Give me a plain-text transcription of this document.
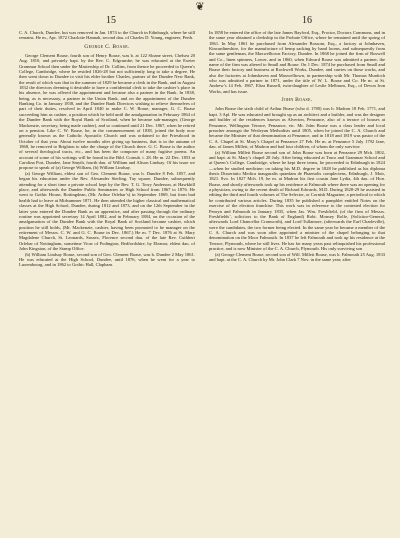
❦
15	16

C. A. Church, Dundee, but was removed in Jan. 1874 to the Church in Edinburgh, where he still remains. He m., Apr. 1872 Charlotte Hannah, second dau. of Charles D. Young, engineer, Perth.

George C. Boase.

George Clement Boase, fourth son of Henry Boase, was b. at 122 Sloane street, Chelsea 20 Aug. 1810, and privately bapt. by the Rev. C. Edgcumbe; he was educated at the Exeter Grammar School then under the Mastership of Dr. Collins, from thence he proceeded to Queen’s College, Cambridge, where he resided 1826-28 but not sufficiently long to take a degree. He then went down to Dundee to visit his elder brother Charles, partner of the Dundee New Bank, the result of which was that in the summer of 1829 he became a clerk in the Bank, and in August 1832 the directors deeming it desirable to have a confidential clerk to take the cashier’s place in his absence, he was offered the appointment and became also a partner in the Bank. In 1838, being, as is necessary, a partner in the Union Bank, and on the appointment of the Dundee Banking Co. in January 1838, and the Dundee Bank Directors wishing to relieve themselves of part of their duties, resolved in April 1840 to make C. W. Boase, manager, G. C. Boase succeeding him as cashier, a position which he held until the amalgamation in February 1864 of the Dundee Bank with the Royal Bank of Scotland, when he became sub-manager, (George Mackenzie, secretary, being made cashier), and so continued until 21 Dec. 1867, when he retired on a pension. Like C. W. Boase, he, in the commencement of 1838, joined the body now generally known as the Catholic Apostolic Church and was ordained to the Priesthood in October of that year. About twelve months after giving up business, that is in the autumn of 1868, he removed to Brighton to take the charge of the Church there. G. C. Boase is the author of several theological tracts, etc., and has been the composer of many fugitive poems. An account of some of his writings will be found in the Bibl. Cornub. i. 28. He m. 22 Dec. 1853 at Carolina Port, Dundee, Jane Smyth, fourth dau. of William and Alison Lindsay. Of his issue we propose to speak of (a) George William, (b) William Lindsay.

(a) George William, eldest son of Geo. Clement Boase, was b. Dundee 8 Feb. 1857, and began his education under the Rev. Alexander Sterling, Tay square, Dundee, subsequently attending for a short time a private school kept by the Rev. T. G. Torry Anderson, at Hawkhill place, and afterwards the Dundee Public Seminaries or High School from 1867 to 1876. He went to Gothic House, Rottingdean, (Mr. Arthur Orlebar’s) in September 1869, but from bad health had to leave at Midsummer 1871. He then attended the higher classical and mathematical classes at the High School, Dundee, during 1812 and 1873, and on the 12th September in the latter year entered the Dundee Bank as an apprentice, and after passing through the ordinary routine was appointed secretary 14 April 1882, and in February 1884, on the occasion of the amalgamation of the Dundee Bank with the Royal Bank of Scotland became cashier, which position he still holds, (Mr. Mackenzie, cashier, having been promoted to be manager on the retirement of Messrs. C. W. and G. C. Boase in Dec. 1867.) He m. 7 Dec. 1876 at St. Mary Magdalene Church, St. Leonards, Sussex, Florence second dau. of the late Rev. Cuthbert Orlebar of Nottingham, sometime Vicar of Podington, Bedfordshire, by Eleanor, eldest dau. of John Kingston, of the Stamp Office.

(b) William Lindsay Boase, second son of Geo. Clement Boase, was b. Dundee 2 May 1861. He was educated at the High School, Dundee, until 1876, when he went for a year to Luxembourg, and in 1862 to Gothic Hall, Clapham.

In 1858 he entered the office of the late James Bayford, Esq., Proctor, Doctors Commons, and in the same year obtained a clerkship in the Probate Office, where he remained until the spring of 1861. In May 1861 he purchased from Alexander Bossom, Esq., a factory at Johnhaven, Kincardineshire, for the manufacture of hemp sacking by hand looms, and subsequently from the same gentleman, the Maxwelltown Factory, Dundee. In 1868 he joined the firm of Boswell and Co., linen spinners, Lower, and in 1860, when Edward Boase was admitted a partner, the name of the firm was altered to Small and Boase. On 1 Dec. 1874 he purchased from Small and Boase their factory and business at Rockwell Works, Dundee, and carries on those works, and also the factories at Johnshaven and Maxwelltown, in partnership with Mr. Thomas Murdoch who was admitted a partner in 1871, under the title of W. L. Boase and Co. He m. at St. Andrew’s 14 Feb. 1867, Eliza Russell, twin-daughter of Leslie Melbrum, Esq., of Devon Iron Works, and has issue.

John Boase.

John Boase the sixth child of Arthur Boase (who d. 1780) was b. Madron 18 Feb. 1771, and bapt. 3 Apl. He was educated and brought up as an architect and a builder, and was the designer and builder of the residences known as Alverton, Penzance, also of a terrace of houses at Penzance, Wellington Terrace, Penzance, etc. Mr. John Boase was a class leader and local preacher amongst the Wesleyan Methodists until 1805, when he joined the C. A. Church and became the Minister of that denomination at Penzance, and in 1818 and 1819 was pastor of the C. A. Chapel at St. Mary’s Chapel at Penzance 27 Feb. He m. at Penzance 5 July 1792 Jane, dau. of James Millett, of Madron and had four children, of whom the only survivor

(a) William Millett Boase second son of John Boase was born at Penzance 29 Mch. 1802, and bapt. at St. Mary’s chapel 28 July. After being educated at Truro and Grammar School and at Queen’s College, Cambridge, where he kept three terms, he proceeded to Edinburgh in 1824—when he studied medicine; on taking his M.D. degree in 1828 he published as his diploma thesis Dissertatio Medica inauguralis quaedam de Phaenolis complectens, Edinburgh, J. Moir, 1821. 8vo. In 1827 Mch. 19, he m. at Madron his first cousin Jane Lydia, 4th dau. of Hon. Boase, and shortly afterwards took up his residence at Falmouth where there was an opening for a physician, owing to the recent death of Richard Edwards, M.D. During 1828-29 he assisted in editing the third and fourth volumes of The Selector, or Cornish Magazine, a periodical to which he contributed various articles. During 1835 he published a pamphlet entitled Notes on the exercise of the election franchise. This work was in reference to the contested election for Penryn and Falmouth in January 1835, when Jas. Wm. Freshfield, (of the firm of Messrs. Freshfields’, solicitors to the Bank of England) Robt. Monsey Rolfe, (Solicitor-General, afterwards Lord Chancellor Cranworth), and Lord Tullamore, (afterwards the Earl Charleville), were the candidates, the two former being elected. In the same year he became a member of the C. A. Church and was soon after appointed a minister of the chapel belonging to that denomination on the Moor Falmouth. In 1837 he left Falmouth and took up his residence at the Terrace, Plymouth, where he still lives. He has for many years past relinquished his professional practice, and is now Minister of the C. A. Church, Plymouth. His only surviving son

(a) George Clement Boase, second son of Will. Millett Boase, was b. Falmouth 25 Aug. 1833 and bapt. at the C. A. Church by Mr. John Clark 7 Nov. in the same year; after
